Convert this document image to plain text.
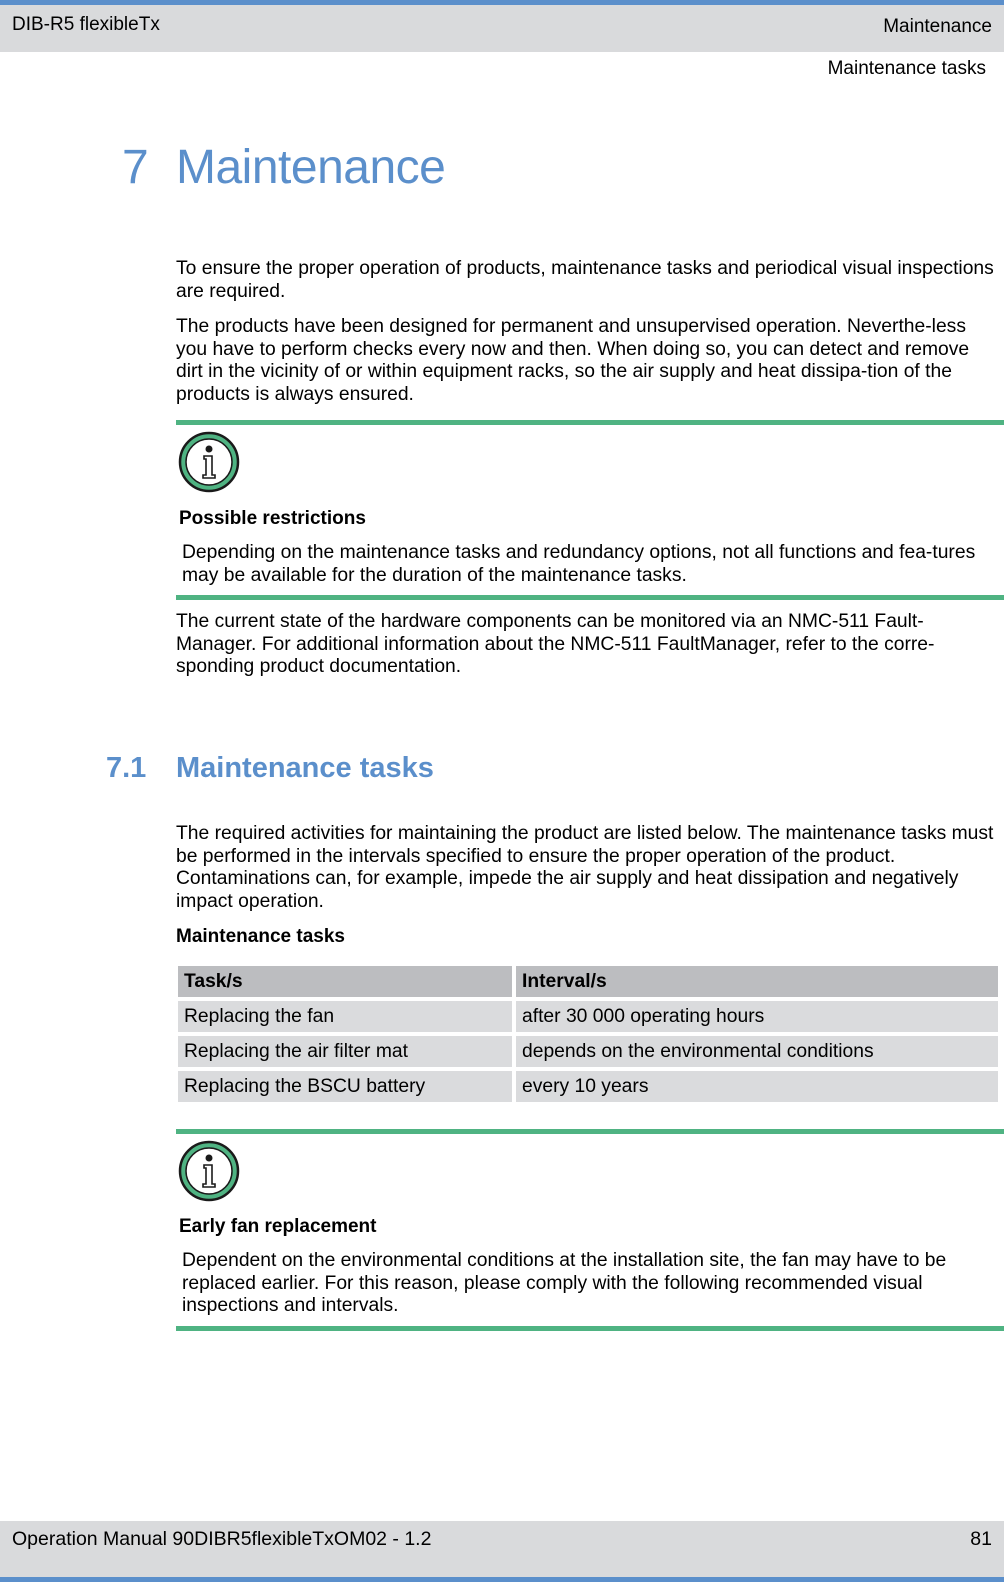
DIB-R5 flexibleTx	Maintenance
Maintenance tasks
7 Maintenance
To ensure the proper operation of products, maintenance tasks and periodical visual inspections are required.
The products have been designed for permanent and unsupervised operation. Neverthe-less you have to perform checks every now and then. When doing so, you can detect and remove dirt in the vicinity of or within equipment racks, so the air supply and heat dissipa-tion of the products is always ensured.
Possible restrictions
Depending on the maintenance tasks and redundancy options, not all functions and fea-tures may be available for the duration of the maintenance tasks.
The current state of the hardware components can be monitored via an NMC-511 Fault-Manager. For additional information about the NMC-511 FaultManager, refer to the corre-sponding product documentation.
7.1 Maintenance tasks
The required activities for maintaining the product are listed below. The maintenance tasks must be performed in the intervals specified to ensure the proper operation of the product. Contaminations can, for example, impede the air supply and heat dissipation and negatively impact operation.
Maintenance tasks
Task/s	Interval/s
Replacing the fan	after 30 000 operating hours
Replacing the air filter mat	depends on the environmental conditions
Replacing the BSCU battery	every 10 years
Early fan replacement
Dependent on the environmental conditions at the installation site, the fan may have to be replaced earlier. For this reason, please comply with the following recommended visual inspections and intervals.
Operation Manual 90DIBR5flexibleTxOM02 - 1.2	81
